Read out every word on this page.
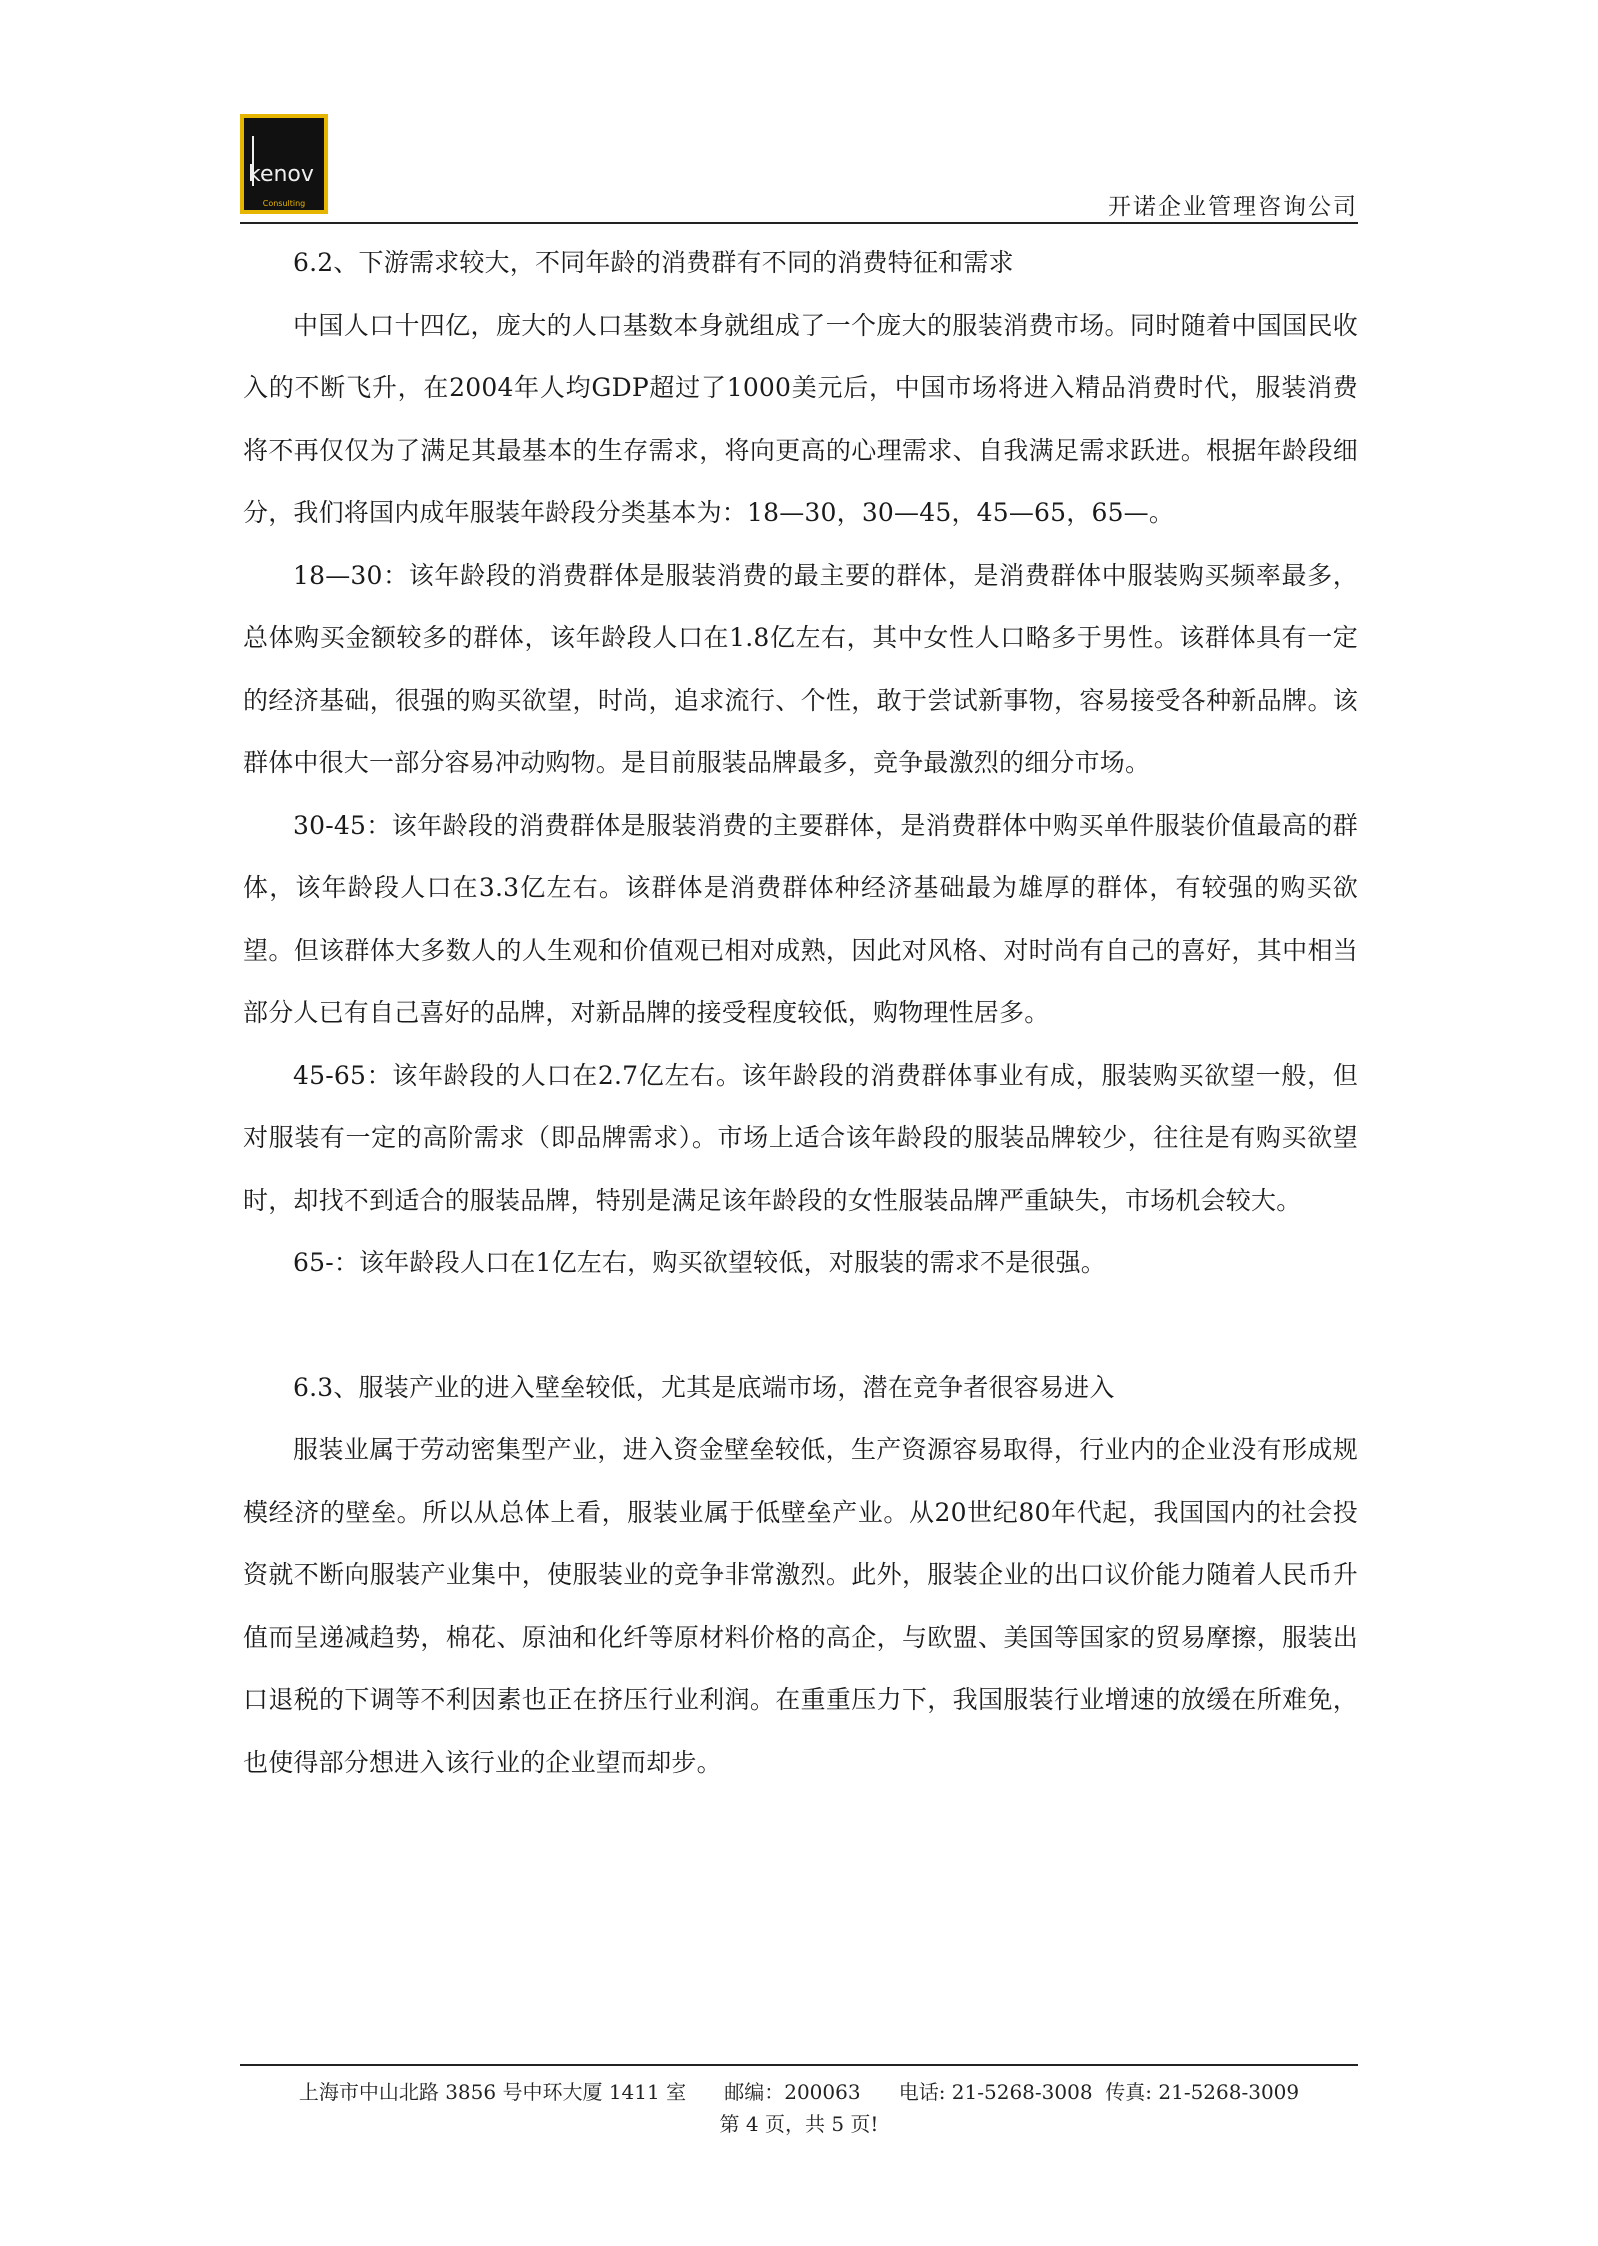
kenov
Consulting	开诺企业管理咨询公司

6.2、下游需求较大，不同年龄的消费群有不同的消费特征和需求

中国人口十四亿，庞大的人口基数本身就组成了一个庞大的服装消费市场。同时随着中国国民收入的不断飞升，在2004年人均GDP超过了1000美元后，中国市场将进入精品消费时代，服装消费将不再仅仅为了满足其最基本的生存需求，将向更高的心理需求、自我满足需求跃进。根据年龄段细分，我们将国内成年服装年龄段分类基本为：18—30，30—45，45—65，65—。

18—30：该年龄段的消费群体是服装消费的最主要的群体，是消费群体中服装购买频率最多，总体购买金额较多的群体，该年龄段人口在1.8亿左右，其中女性人口略多于男性。该群体具有一定的经济基础，很强的购买欲望，时尚，追求流行、个性，敢于尝试新事物，容易接受各种新品牌。该群体中很大一部分容易冲动购物。是目前服装品牌最多，竞争最激烈的细分市场。

30-45：该年龄段的消费群体是服装消费的主要群体，是消费群体中购买单件服装价值最高的群体，该年龄段人口在3.3亿左右。该群体是消费群体种经济基础最为雄厚的群体，有较强的购买欲望。但该群体大多数人的人生观和价值观已相对成熟，因此对风格、对时尚有自己的喜好，其中相当部分人已有自己喜好的品牌，对新品牌的接受程度较低，购物理性居多。

45-65：该年龄段的人口在2.7亿左右。该年龄段的消费群体事业有成，服装购买欲望一般，但对服装有一定的高阶需求（即品牌需求）。市场上适合该年龄段的服装品牌较少，往往是有购买欲望时，却找不到适合的服装品牌，特别是满足该年龄段的女性服装品牌严重缺失，市场机会较大。

65-：该年龄段人口在1亿左右，购买欲望较低，对服装的需求不是很强。

6.3、服装产业的进入壁垒较低，尤其是底端市场，潜在竞争者很容易进入

服装业属于劳动密集型产业，进入资金壁垒较低，生产资源容易取得，行业内的企业没有形成规模经济的壁垒。所以从总体上看，服装业属于低壁垒产业。从20世纪80年代起，我国国内的社会投资就不断向服装产业集中，使服装业的竞争非常激烈。此外，服装企业的出口议价能力随着人民币升值而呈递减趋势，棉花、原油和化纤等原材料价格的高企，与欧盟、美国等国家的贸易摩擦，服装出口退税的下调等不利因素也正在挤压行业利润。在重重压力下，我国服装行业增速的放缓在所难免，也使得部分想进入该行业的企业望而却步。

上海市中山北路 3856 号中环大厦 1411 室      邮编：200063      电话: 21-5268-3008  传真: 21-5268-3009
第 4 页，共 5 页!
